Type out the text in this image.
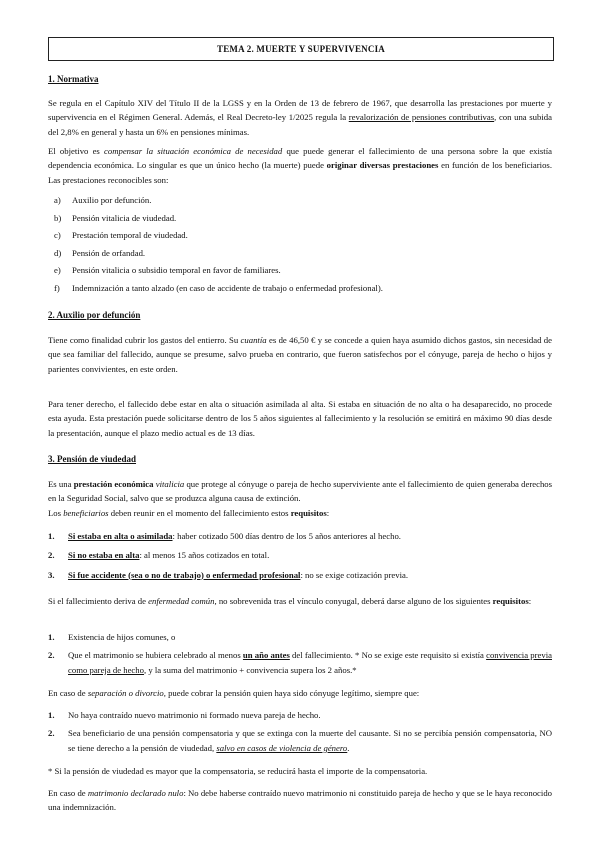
TEMA 2. MUERTE Y SUPERVIVENCIA
1. Normativa

Se regula en el Capítulo XIV del Título II de la LGSS y en la Orden de 13 de febrero de 1967, que desarrolla las prestaciones por muerte y supervivencia en el Régimen General. Además, el Real Decreto-ley 1/2025 regula la revalorización de pensiones contributivas, con una subida del 2,8% en general y hasta un 6% en pensiones mínimas.

El objetivo es compensar la situación económica de necesidad que puede generar el fallecimiento de una persona sobre la que existía dependencia económica. Lo singular es que un único hecho (la muerte) puede originar diversas prestaciones en función de los beneficiarios. Las prestaciones reconocibles son:

a)	Auxilio por defunción.
b)	Pensión vitalicia de viudedad.
c)	Prestación temporal de viudedad.
d)	Pensión de orfandad.
e)	Pensión vitalicia o subsidio temporal en favor de familiares.
f)	Indemnización a tanto alzado (en caso de accidente de trabajo o enfermedad profesional).
2. Auxilio por defunción

Tiene como finalidad cubrir los gastos del entierro. Su cuantía es de 46,50 € y se concede a quien haya asumido dichos gastos, sin necesidad de que sea familiar del fallecido, aunque se presume, salvo prueba en contrario, que fueron satisfechos por el cónyuge, pareja de hecho o hijos y parientes convivientes, en este orden.

Para tener derecho, el fallecido debe estar en alta o situación asimilada al alta. Si estaba en situación de no alta o ha desaparecido, no procede esta ayuda. Esta prestación puede solicitarse dentro de los 5 años siguientes al fallecimiento y la resolución se emitirá en máximo 90 días desde la presentación, aunque el plazo medio actual es de 13 días.

3. Pensión de viudedad

Es una prestación económica vitalicia que protege al cónyuge o pareja de hecho superviviente ante el fallecimiento de quien generaba derechos en la Seguridad Social, salvo que se produzca alguna causa de extinción.

Los beneficiarios deben reunir en el momento del fallecimiento estos requisitos:

1.	Si estaba en alta o asimilada: haber cotizado 500 días dentro de los 5 años anteriores al hecho.
2.	Si no estaba en alta: al menos 15 años cotizados en total.
3.	Si fue accidente (sea o no de trabajo) o enfermedad profesional: no se exige cotización previa.

Si el fallecimiento deriva de enfermedad común, no sobrevenida tras el vínculo conyugal, deberá darse alguno de los siguientes requisitos:

1.	Existencia de hijos comunes, o
2.	Que el matrimonio se hubiera celebrado al menos un año antes del fallecimiento. * No se exige este requisito si existía convivencia previa como pareja de hecho, y la suma del matrimonio + convivencia supera los 2 años.*

En caso de separación o divorcio, puede cobrar la pensión quien haya sido cónyuge legítimo, siempre que:

1.	No haya contraído nuevo matrimonio ni formado nueva pareja de hecho.
2.	Sea beneficiario de una pensión compensatoria y que se extinga con la muerte del causante. Si no se percibía pensión compensatoria, NO se tiene derecho a la pensión de viudedad, salvo en casos de violencia de género.

* Si la pensión de viudedad es mayor que la compensatoria, se reducirá hasta el importe de la compensatoria.

En caso de matrimonio declarado nulo: No debe haberse contraído nuevo matrimonio ni constituido pareja de hecho y que se le haya reconocido una indemnización.
